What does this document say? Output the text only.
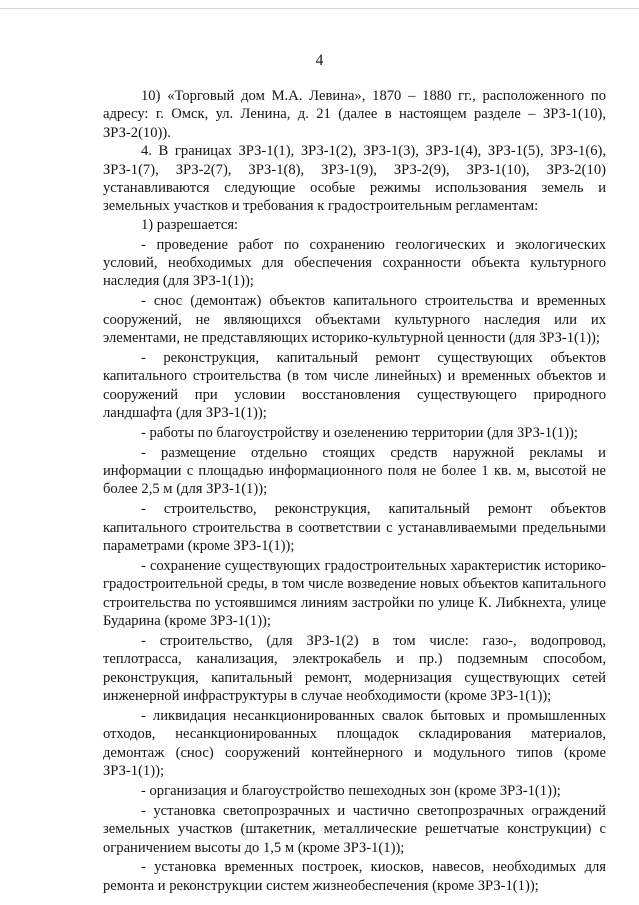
4

10) «Торговый дом М.А. Левина», 1870 – 1880 гг., расположенного по адресу: г. Омск, ул. Ленина, д. 21 (далее в настоящем разделе – ЗРЗ-1(10), ЗРЗ-2(10)).

4. В границах ЗРЗ-1(1), ЗРЗ-1(2), ЗРЗ-1(3), ЗРЗ-1(4), ЗРЗ-1(5), ЗРЗ-1(6), ЗРЗ-1(7), ЗРЗ-2(7), ЗРЗ-1(8), ЗРЗ-1(9), ЗРЗ-2(9), ЗРЗ-1(10), ЗРЗ-2(10) устанавливаются следующие особые режимы использования земель и земельных участков и требования к градостроительным регламентам:

1) разрешается:

- проведение работ по сохранению геологических и экологических условий, необходимых для обеспечения сохранности объекта культурного наследия (для ЗРЗ-1(1));

- снос (демонтаж) объектов капитального строительства и временных сооружений, не являющихся объектами культурного наследия или их элементами, не представляющих историко-культурной ценности (для ЗРЗ-1(1));

- реконструкция, капитальный ремонт существующих объектов капитального строительства (в том числе линейных) и временных объектов и сооружений при условии восстановления существующего природного ландшафта (для ЗРЗ-1(1));

- работы по благоустройству и озеленению территории (для ЗРЗ-1(1));

- размещение отдельно стоящих средств наружной рекламы и информации с площадью информационного поля не более 1 кв. м, высотой не более 2,5 м (для ЗРЗ-1(1));

- строительство, реконструкция, капитальный ремонт объектов капитального строительства в соответствии с устанавливаемыми предельными параметрами (кроме ЗРЗ-1(1));

- сохранение существующих градостроительных характеристик историко-градостроительной среды, в том числе возведение новых объектов капитального строительства по устоявшимся линиям застройки по улице К. Либкнехта, улице Бударина (кроме ЗРЗ-1(1));

- строительство, (для ЗРЗ-1(2) в том числе: газо-, водопровод, теплотрасса, канализация, электрокабель и пр.) подземным способом, реконструкция, капитальный ремонт, модернизация существующих сетей инженерной инфраструктуры в случае необходимости (кроме ЗРЗ-1(1));

- ликвидация несанкционированных свалок бытовых и промышленных отходов, несанкционированных площадок складирования материалов, демонтаж (снос) сооружений контейнерного и модульного типов (кроме ЗРЗ-1(1));

- организация и благоустройство пешеходных зон (кроме ЗРЗ-1(1));

- установка светопрозрачных и частично светопрозрачных ограждений земельных участков (штакетник, металлические решетчатые конструкции) с ограничением высоты до 1,5 м (кроме ЗРЗ-1(1));

- установка временных построек, киосков, навесов, необходимых для ремонта и реконструкции систем жизнеобеспечения (кроме ЗРЗ-1(1));
